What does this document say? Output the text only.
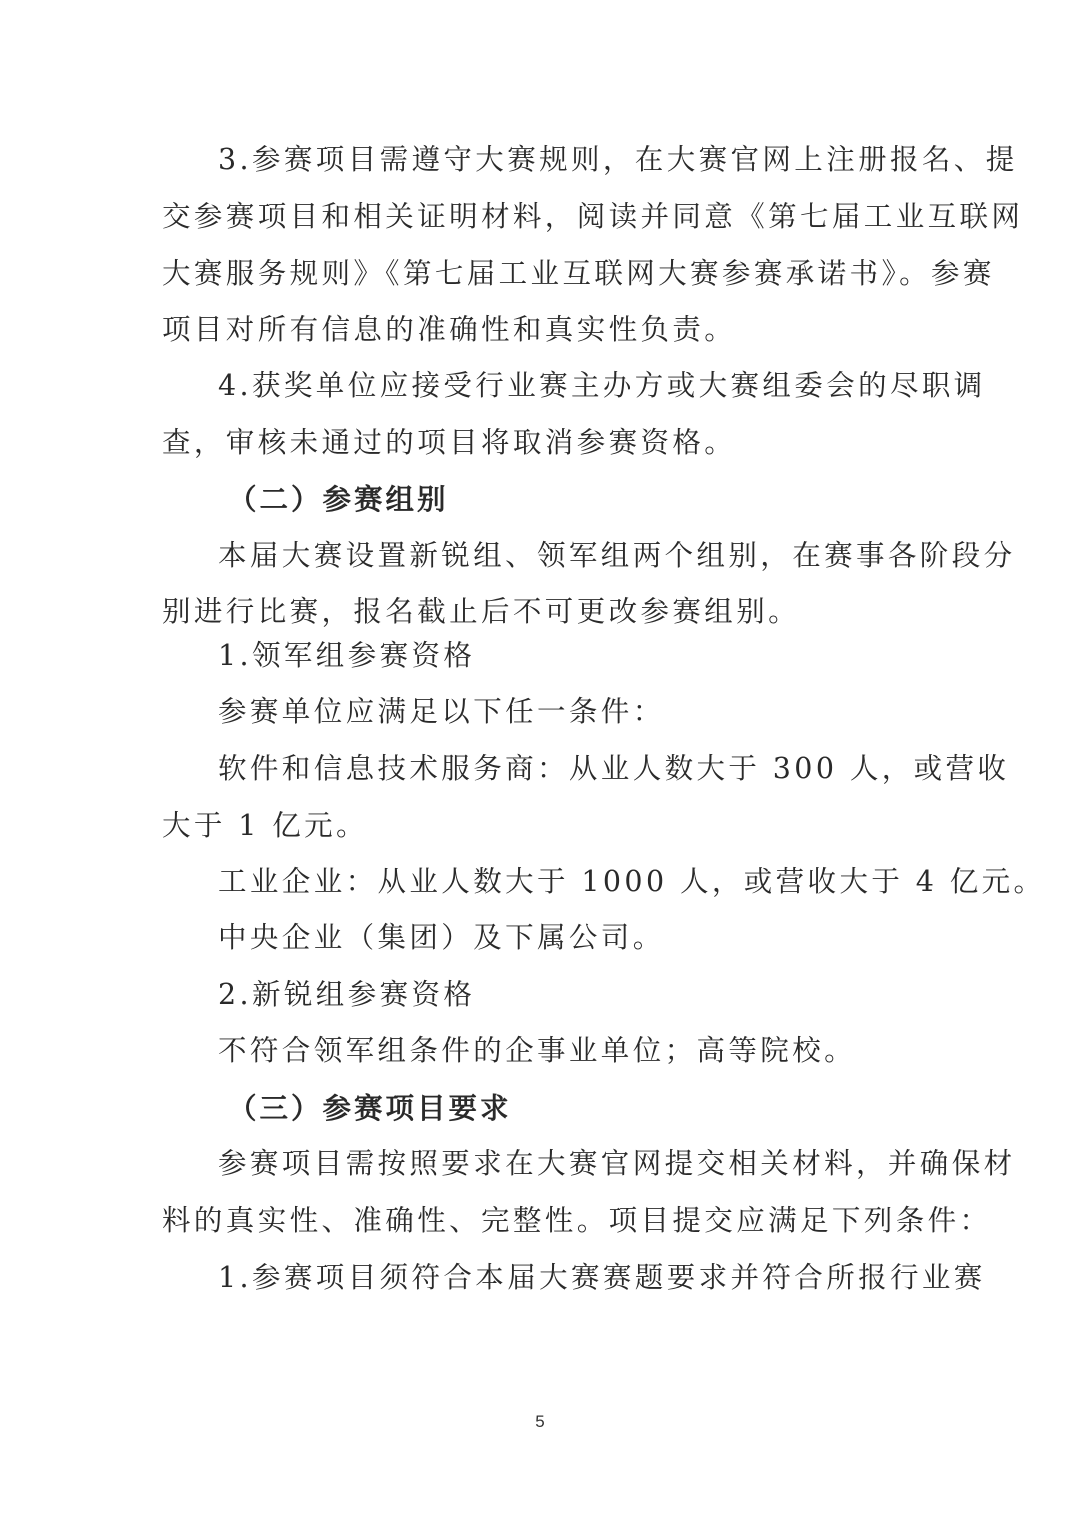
3.参赛项目需遵守大赛规则，在大赛官网上注册报名、提
交参赛项目和相关证明材料，阅读并同意《第七届工业互联网
大赛服务规则》《第七届工业互联网大赛参赛承诺书》。参赛
项目对所有信息的准确性和真实性负责。
4.获奖单位应接受行业赛主办方或大赛组委会的尽职调
查，审核未通过的项目将取消参赛资格。
（二）参赛组别
本届大赛设置新锐组、领军组两个组别，在赛事各阶段分
别进行比赛，报名截止后不可更改参赛组别。
1.领军组参赛资格
参赛单位应满足以下任一条件：
软件和信息技术服务商：从业人数大于 300 人，或营收
大于 1 亿元。
工业企业：从业人数大于 1000 人，或营收大于 4 亿元。
中央企业（集团）及下属公司。
2.新锐组参赛资格
不符合领军组条件的企事业单位；高等院校。
（三）参赛项目要求
参赛项目需按照要求在大赛官网提交相关材料，并确保材
料的真实性、准确性、完整性。项目提交应满足下列条件：
1.参赛项目须符合本届大赛赛题要求并符合所报行业赛
5
